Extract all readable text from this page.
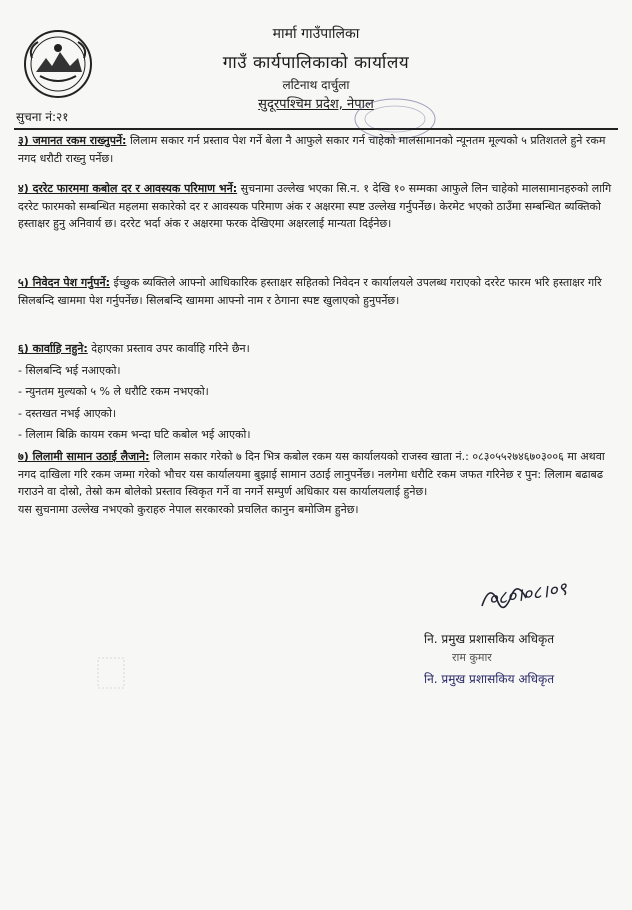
मार्मा गाउँपालिका
गाउँ कार्यपालिकाको कार्यालय
लटिनाथ दार्चुला
सुदूरपश्चिम प्रदेश, नेपाल
सुचना नं:२१

३) जमानत रकम राख्नुपर्ने: लिलाम सकार गर्न प्रस्ताव पेश गर्ने बेला नै आफुले सकार गर्न चाहेको मालसामानको न्यूनतम मूल्यको ५ प्रतिशतले हुने रकम नगद धरौटी राख्नु पर्नेछ।

४) दररेट फारममा कबोल दर र आवस्यक परिमाण भर्ने: सुचनामा उल्लेख भएका सि.न. १ देखि १० सम्मका आफुले लिन चाहेको मालसामानहरुको लागि दररेट फारमको सम्बन्धित महलमा सकारेको दर र आवस्यक परिमाण अंक र अक्षरमा स्पष्ट उल्लेख गर्नुपर्नेछ। केरमेट भएको ठाउँमा सम्बन्धित ब्यक्तिको हस्ताक्षर हुनु अनिवार्य छ। दररेट भर्दा अंक र अक्षरमा फरक देखिएमा अक्षरलाई मान्यता दिईनेछ।

५) निवेदन पेश गर्नुपर्ने: ईच्छुक ब्यक्तिले आफ्नो आधिकारिक हस्ताक्षर सहितको निवेदन र कार्यालयले उपलब्ध गराएको दररेट फारम भरि हस्ताक्षर गरि सिलबन्दि खाममा पेश गर्नुपर्नेछ। सिलबन्दि खाममा आफ्नो नाम र ठेगाना स्पष्ट खुलाएको हुनुपर्नेछ।

६) कार्वाहि नहुने: देहाएका प्रस्ताव उपर कार्वाहि गरिने छैन।

- सिलबन्दि भई नआएको।

- न्युनतम मुल्यको ५ % ले धरौटि रकम नभएको।

- दस्तखत नभई आएको।

- लिलाम बिक्रि कायम रकम भन्दा घटि कबोल भई आएको।

७) लिलामी सामान उठाई लैजाने: लिलाम सकार गरेको ७ दिन भित्र कबोल रकम यस कार्यालयको राजस्व खाता नं.: ०८३०५५२७४६७०३००६ मा अथवा नगद दाखिला गरि रकम जम्मा गरेको भौचर यस कार्यालयमा बुझाई सामान उठाई लानुपर्नेछ। नलगेमा धरौटि रकम जफत गरिनेछ र पुन: लिलाम बढाबढ गराउने वा दोस्रो, तेस्रो कम बोलेको प्रस्ताव स्विकृत गर्ने वा नगर्ने सम्पुर्ण अधिकार यस कार्यालयलाई हुनेछ।

यस सुचनामा उल्लेख नभएको कुराहरु नेपाल सरकारको प्रचलित कानुन बमोजिम हुनेछ।

०८०।०८।०९
नि. प्रमुख प्रशासकिय अधिकृत
राम कुमार
नि. प्रमुख प्रशासकिय अधिकृत
